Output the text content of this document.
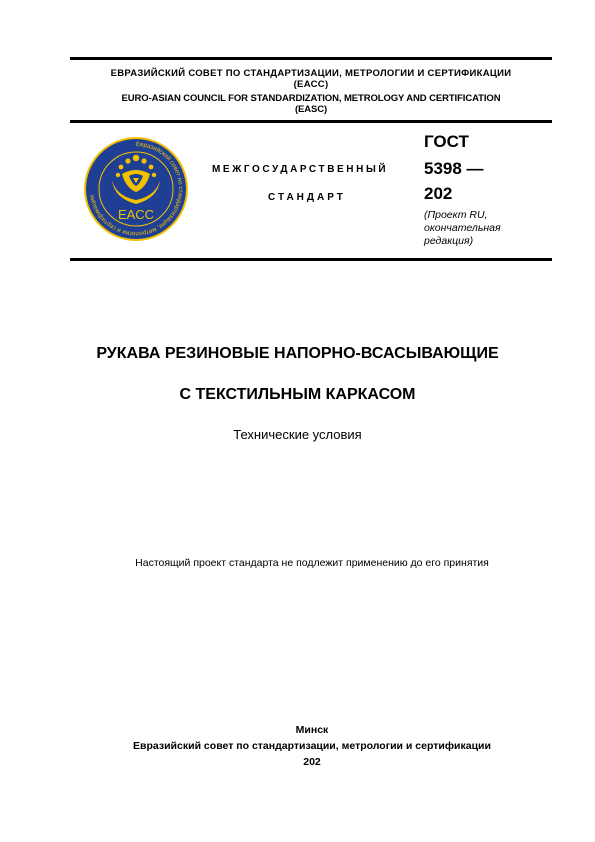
ЕВРАЗИЙСКИЙ СОВЕТ ПО СТАНДАРТИЗАЦИИ, МЕТРОЛОГИИ И СЕРТИФИКАЦИИ
(ЕАСС)
EURO-ASIAN COUNCIL FOR STANDARDIZATION, METROLOGY AND CERTIFICATION
(EASC)
Евразийский совет по стандартизации, метрологии и сертификации
EACC
МЕЖГОСУДАРСТВЕННЫЙ
СТАНДАРТ
ГОСТ
5398 —
202
(Проект RU, окончательная редакция)
РУКАВА РЕЗИНОВЫЕ НАПОРНО-ВСАСЫВАЮЩИЕ
С ТЕКСТИЛЬНЫМ КАРКАСОМ
Технические условия
Настоящий проект стандарта не подлежит применению до его принятия
Минск
Евразийский совет по стандартизации, метрологии и сертификации
202
